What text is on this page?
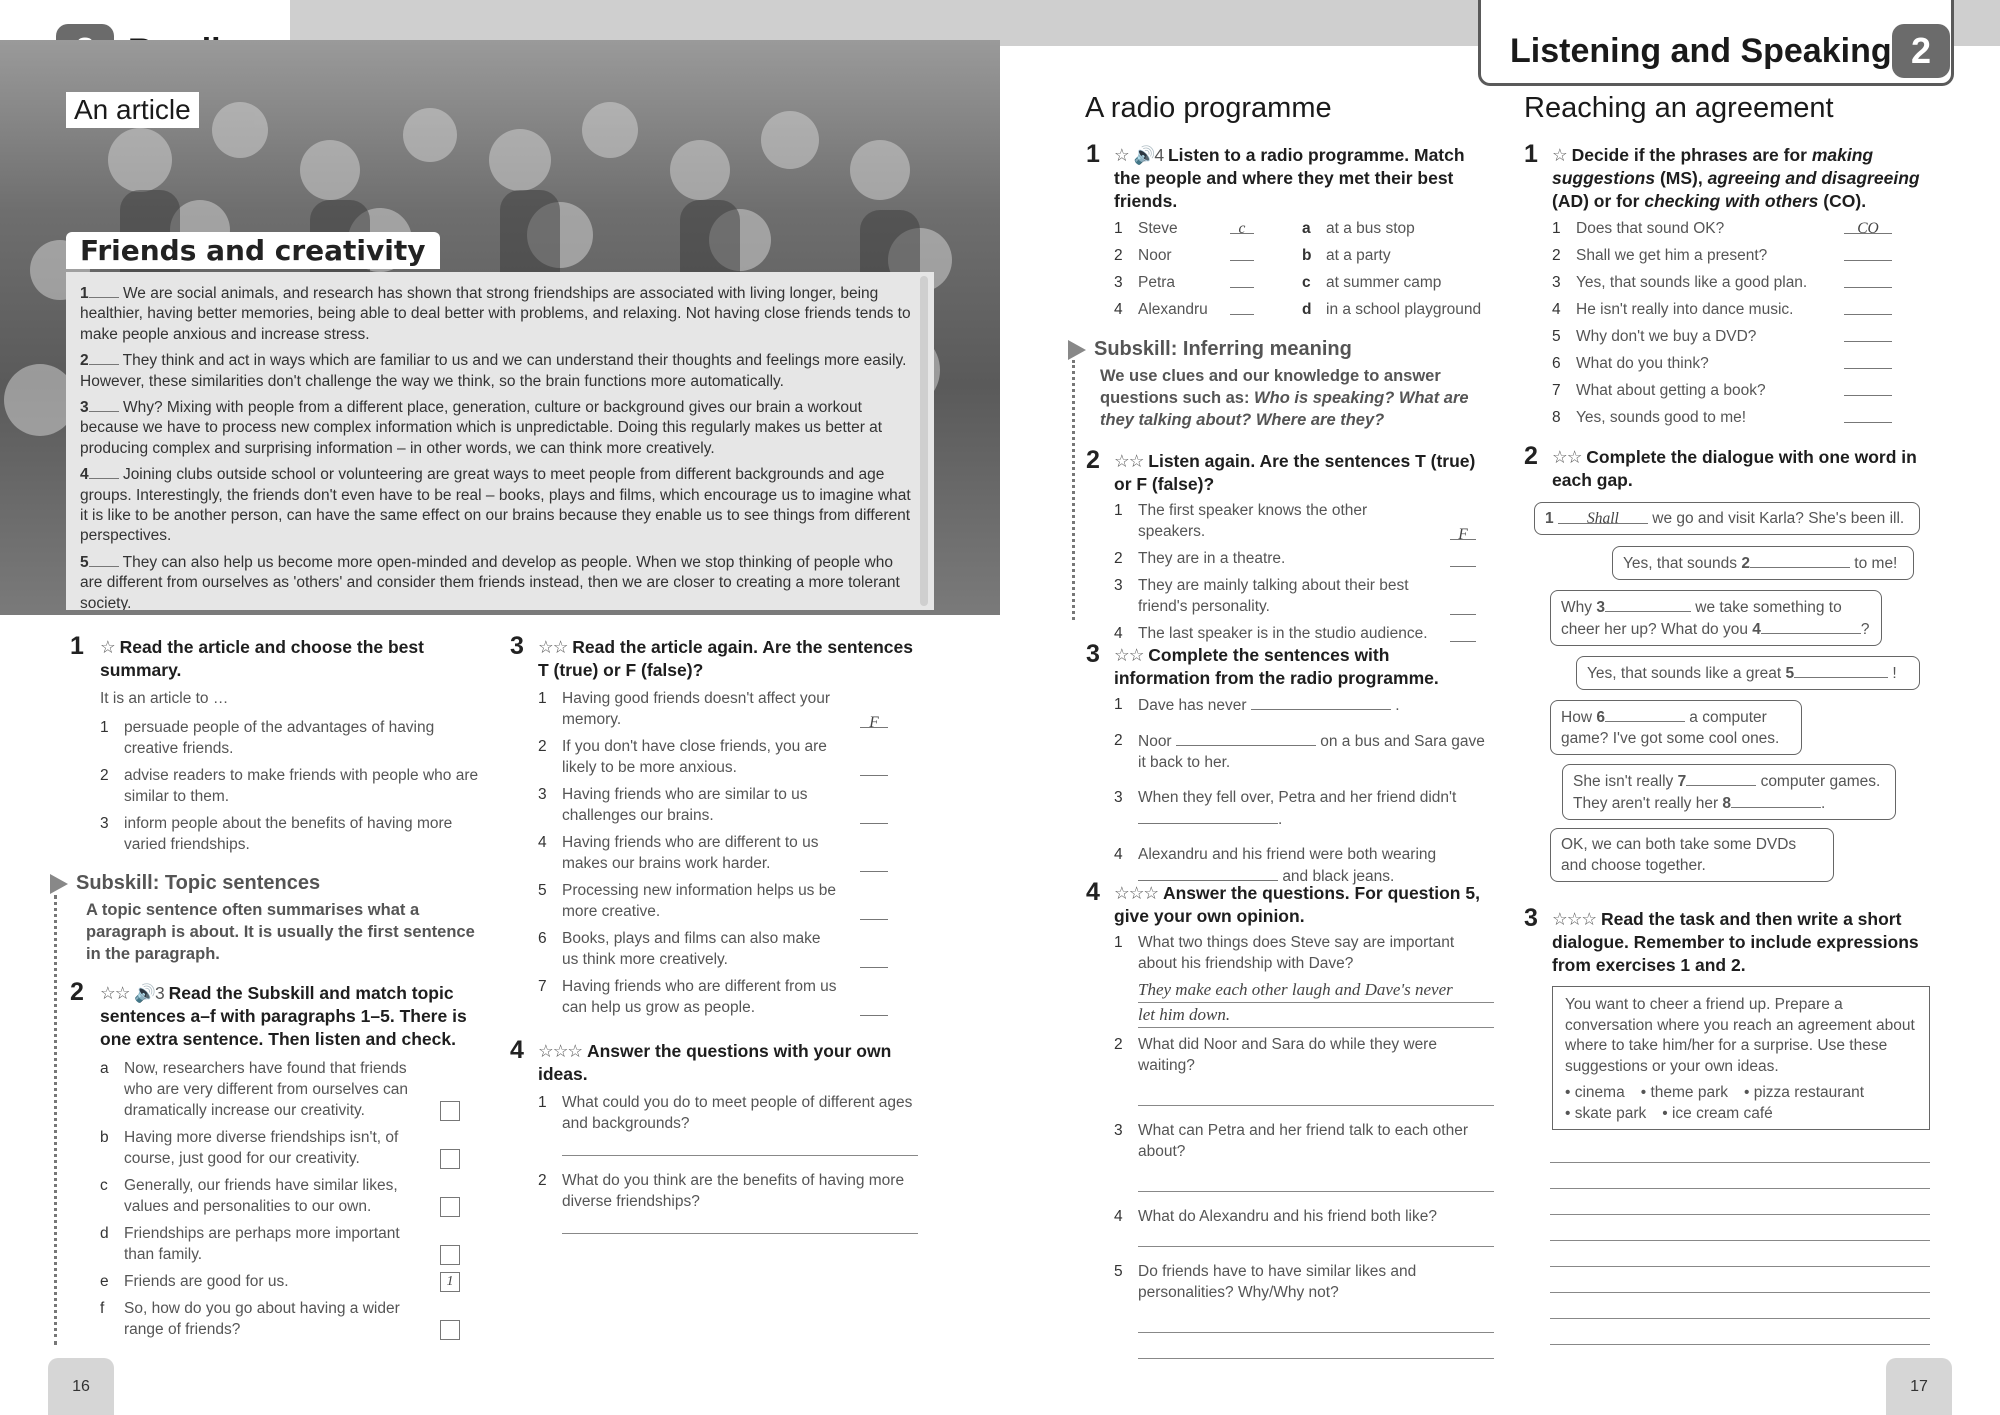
An article
Friends and creativity

1 We are social animals, and research has shown that strong friendships are associated with living longer, being healthier, having better memories, being able to deal better with problems, and relaxing. Not having close friends tends to make people anxious and increase stress.

2 They think and act in ways which are familiar to us and we can understand their thoughts and feelings more easily. However, these similarities don't challenge the way we think, so the brain functions more automatically.

3 Why? Mixing with people from a different place, generation, culture or background gives our brain a workout because we have to process new complex information which is unpredictable. Doing this regularly makes us better at producing complex and surprising information – in other words, we can think more creatively.

4 Joining clubs outside school or volunteering are great ways to meet people from different backgrounds and age groups. Interestingly, the friends don't even have to be real – books, plays and films, which encourage us to imagine what it is like to be another person, can have the same effect on our brains because they enable us to see things from different perspectives.

5 They can also help us become more open-minded and develop as people. When we stop thinking of people who are different from ourselves as 'others' and consider them friends instead, then we are closer to creating a more tolerant society.

1 ☆ Read the article and choose the best summary.
It is an article to …
1 persuade people of the advantages of having creative friends.
2 advise readers to make friends with people who are similar to them.
3 inform people about the benefits of having more varied friendships.
Subskill: Topic sentences
A topic sentence often summarises what a paragraph is about. It is usually the first sentence in the paragraph.
2 ☆☆ 🔊3 Read the Subskill and match topic sentences a–f with paragraphs 1–5. There is one extra sentence. Then listen and check.
a Now, researchers have found that friends who are very different from ourselves can dramatically increase our creativity.
b Having more diverse friendships isn't, of course, just good for our creativity.
c Generally, our friends have similar likes, values and personalities to our own.
d Friendships are perhaps more important than family.
e Friends are good for us.	1
f So, how do you go about having a wider range of friends?
3 ☆☆ Read the article again. Are the sentences T (true) or F (false)?
1 Having good friends doesn't affect your memory.	F
2 If you don't have close friends, you are likely to be more anxious.
3 Having friends who are similar to us challenges our brains.
4 Having friends who are different to us makes our brains work harder.
5 Processing new information helps us be more creative.
6 Books, plays and films can also make us think more creatively.
7 Having friends who are different from us can help us grow as people.
4 ☆☆☆ Answer the questions with your own ideas.
1 What could you do to meet people of different ages and backgrounds?
2 What do you think are the benefits of having more diverse friendships?
16
Listening and Speaking 2
A radio programme
1 ☆ 🔊4 Listen to a radio programme. Match the people and where they met their best friends.
1 Steve	c
2 Noor
3 Petra
4 Alexandru
a at a bus stop
b at a party
c at summer camp
d in a school playground
Subskill: Inferring meaning
We use clues and our knowledge to answer questions such as: Who is speaking? What are they talking about? Where are they?
2 ☆☆ Listen again. Are the sentences T (true) or F (false)?
1 The first speaker knows the other speakers.	F
2 They are in a theatre.
3 They are mainly talking about their best friend's personality.
4 The last speaker is in the studio audience.
3 ☆☆ Complete the sentences with information from the radio programme.
1 Dave has never	.
2 Noor	on a bus and Sara gave it back to her.
3 When they fell over, Petra and her friend didn't .
4 Alexandru and his friend were both wearing  and black jeans.
4 ☆☆☆ Answer the questions. For question 5, give your own opinion.
1 What two things does Steve say are important about his friendship with Dave?
They make each other laugh and Dave's never
let him down.
2 What did Noor and Sara do while they were waiting?
3 What can Petra and her friend talk to each other about?
4 What do Alexandru and his friend both like?
5 Do friends have to have similar likes and personalities? Why/Why not?
Reaching an agreement
1 ☆ Decide if the phrases are for making suggestions (MS), agreeing and disagreeing (AD) or for checking with others (CO).
1 Does that sound OK?	CO
2 Shall we get him a present?
3 Yes, that sounds like a good plan.
4 He isn't really into dance music.
5 Why don't we buy a DVD?
6 What do you think?
7 What about getting a book?
8 Yes, sounds good to me!
2 ☆☆ Complete the dialogue with one word in each gap.
1 Shall we go and visit Karla? She's been ill.
Yes, that sounds 2	to me!
Why 3	we take something to cheer her up? What do you 4	?
Yes, that sounds like a great 5	!
How 6	a computer game? I've got some cool ones.
She isn't really 7	computer games. They aren't really her 8	.
OK, we can both take some DVDs and choose together.
3 ☆☆☆ Read the task and then write a short dialogue. Remember to include expressions from exercises 1 and 2.
You want to cheer a friend up. Prepare a conversation where you reach an agreement about where to take him/her for a surprise. Use these suggestions or your own ideas.
• cinema • theme park • pizza restaurant
• skate park • ice cream café
17
